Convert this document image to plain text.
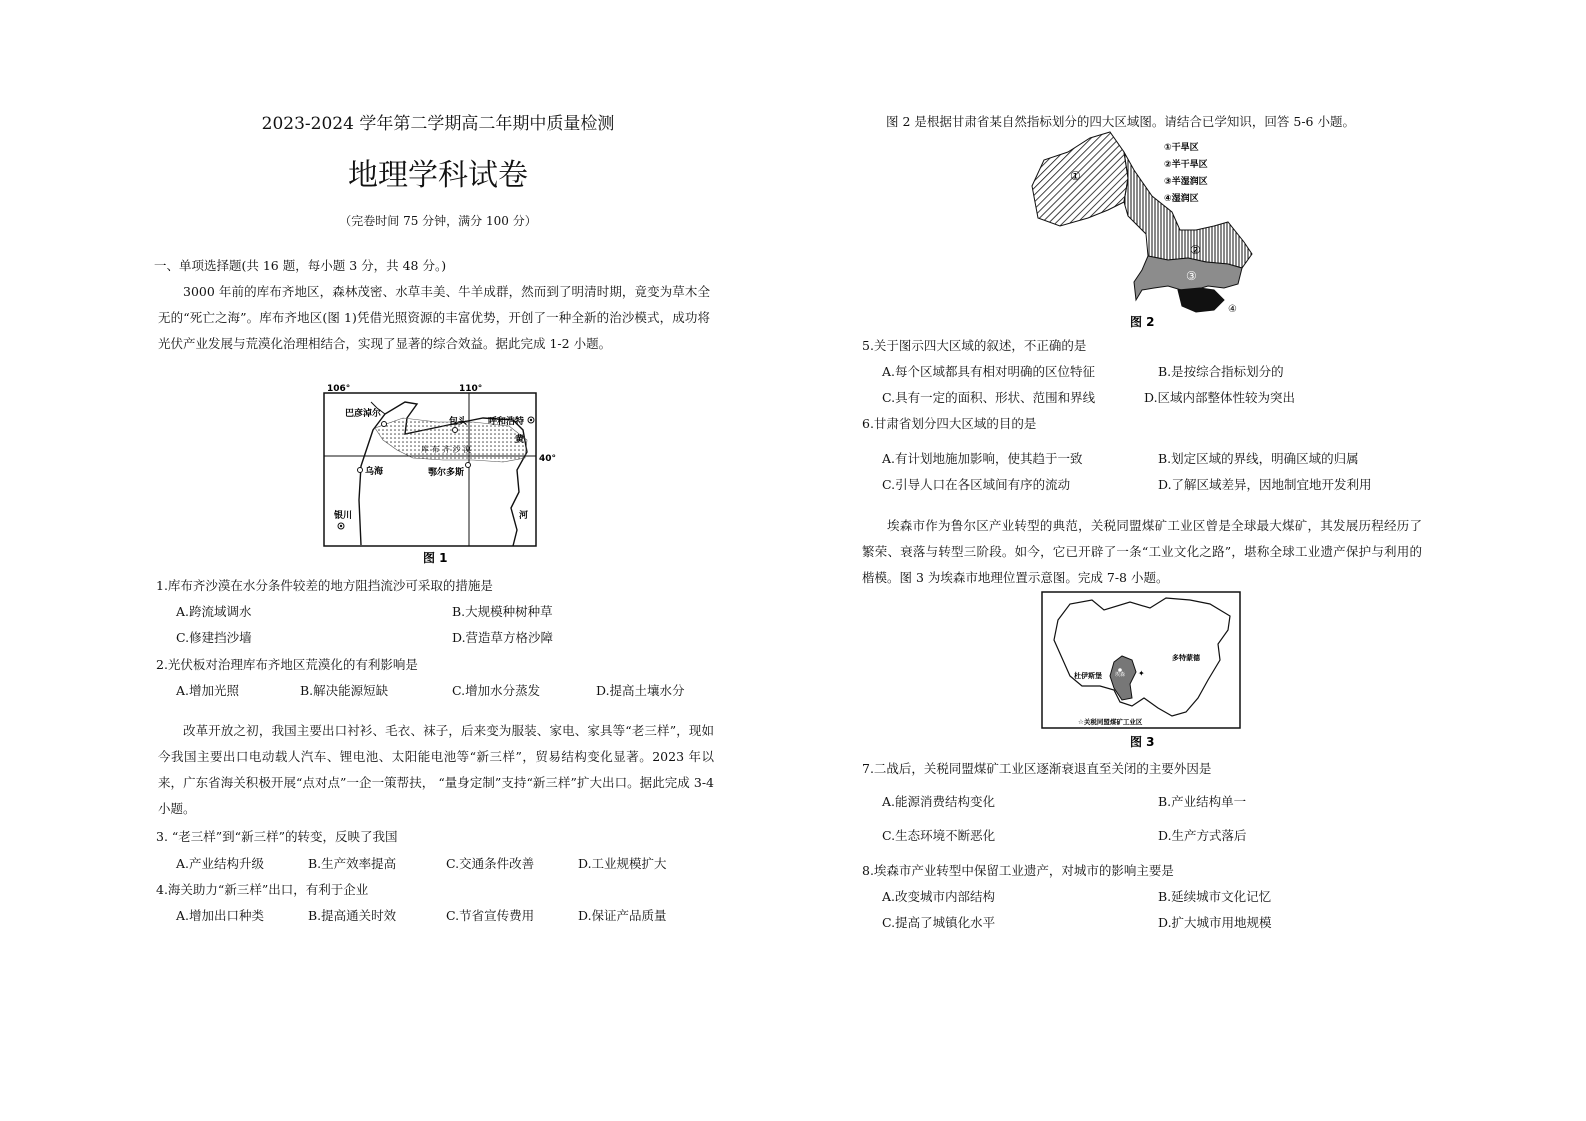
2023-2024 学年第二学期高二年期中质量检测
地理学科试卷
（完卷时间 75 分钟，满分 100 分）
一、单项选择题(共 16 题，每小题 3 分，共 48 分。)
3000 年前的库布齐地区，森林茂密、水草丰美、牛羊成群，然而到了明清时期，竟变为草木全无的“死亡之海”。库布齐地区(图 1)凭借光照资源的丰富优势，开创了一种全新的治沙模式，成功将光伏产业发展与荒漠化治理相结合，实现了显著的综合效益。据此完成 1-2 小题。
106°	110°
40°
巴彦淖尔
包头 呼和浩特
黄
库 布 齐 沙 漠
乌海	鄂尔多斯
银川	河
图 1
1.库布齐沙漠在水分条件较差的地方阻挡流沙可采取的措施是
A.跨流域调水	B.大规模种树种草
C.修建挡沙墙	D.营造草方格沙障
2.光伏板对治理库布齐地区荒漠化的有利影响是
A.增加光照	B.解决能源短缺	C.增加水分蒸发	D.提高土壤水分
改革开放之初，我国主要出口衬衫、毛衣、袜子，后来变为服装、家电、家具等“老三样”，现如今我国主要出口电动载人汽车、锂电池、太阳能电池等“新三样”，贸易结构变化显著。2023 年以来，广东省海关积极开展“点对点”一企一策帮扶， “量身定制”支持“新三样”扩大出口。据此完成 3-4 小题。
3. “老三样”到“新三样”的转变，反映了我国
A.产业结构升级	B.生产效率提高	C.交通条件改善	D.工业规模扩大
4.海关助力“新三样”出口，有利于企业
A.增加出口种类	B.提高通关时效	C.节省宣传费用	D.保证产品质量
图 2 是根据甘肃省某自然指标划分的四大区域图。请结合已学知识，回答 5-6 小题。
①
②
③
④
①干旱区
②半干旱区
③半湿润区
④湿润区
图 2
5.关于图示四大区域的叙述，不正确的是
A.每个区域都具有相对明确的区位特征	B.是按综合指标划分的
C.具有一定的面积、形状、范围和界线	D.区域内部整体性较为突出
6.甘肃省划分四大区域的目的是
A.有计划地施加影响，使其趋于一致	B.划定区域的界线，明确区域的归属
C.引导人口在各区域间有序的流动	D.了解区域差异，因地制宜地开发利用
埃森市作为鲁尔区产业转型的典范，关税同盟煤矿工业区曾是全球最大煤矿，其发展历程经历了繁荣、衰落与转型三阶段。如今，它已开辟了一条“工业文化之路”，堪称全球工业遗产保护与利用的楷模。图 3 为埃森市地理位置示意图。完成 7-8 小题。
埃森
杜伊斯堡
多特蒙德
✦
☆关税同盟煤矿工业区
图 3
7.二战后，关税同盟煤矿工业区逐渐衰退直至关闭的主要外因是
A.能源消费结构变化	B.产业结构单一
C.生态环境不断恶化	D.生产方式落后
8.埃森市产业转型中保留工业遗产，对城市的影响主要是
A.改变城市内部结构	B.延续城市文化记忆
C.提高了城镇化水平	D.扩大城市用地规模
